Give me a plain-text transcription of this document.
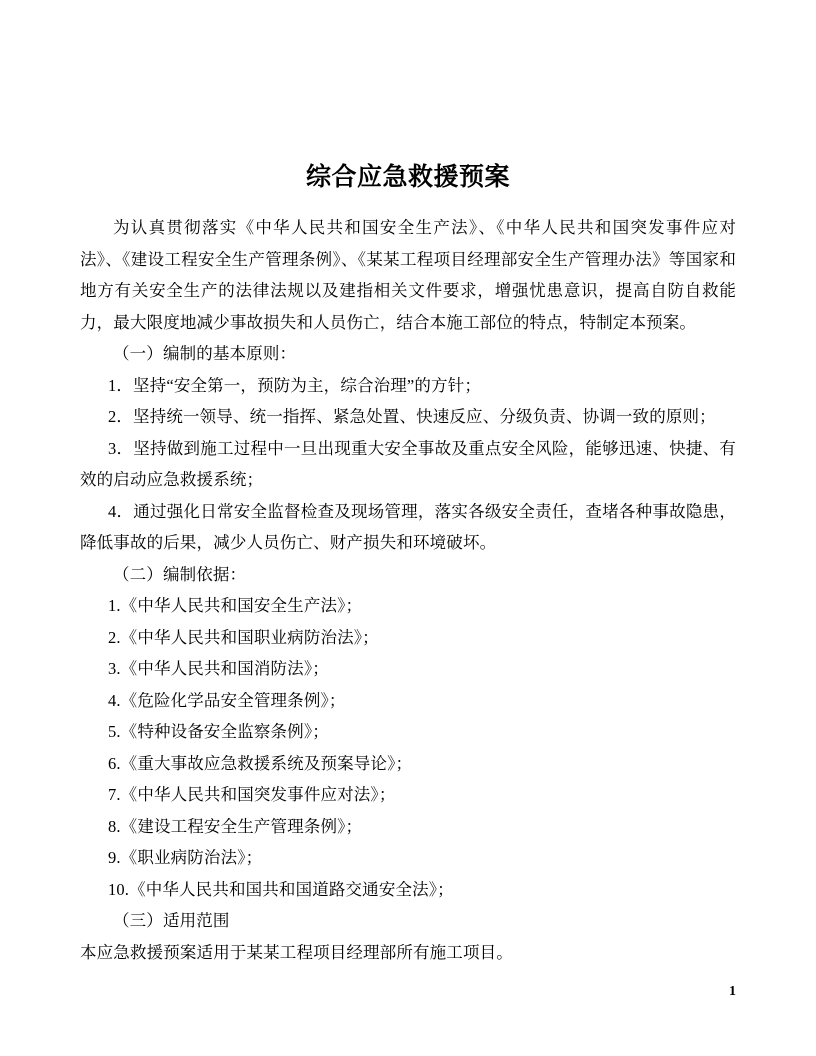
综合应急救援预案

为认真贯彻落实《中华人民共和国安全生产法》、《中华人民共和国突发事件应对法》、《建设工程安全生产管理条例》、《某某工程项目经理部安全生产管理办法》等国家和地方有关安全生产的法律法规以及建指相关文件要求，增强忧患意识，提高自防自救能力，最大限度地减少事故损失和人员伤亡，结合本施工部位的特点，特制定本预案。

（一）编制的基本原则：

1．坚持“安全第一，预防为主，综合治理”的方针；

2．坚持统一领导、统一指挥、紧急处置、快速反应、分级负责、协调一致的原则；

3．坚持做到施工过程中一旦出现重大安全事故及重点安全风险，能够迅速、快捷、有效的启动应急救援系统；

4．通过强化日常安全监督检查及现场管理，落实各级安全责任，查堵各种事故隐患，降低事故的后果，减少人员伤亡、财产损失和环境破坏。

（二）编制依据：

1.《中华人民共和国安全生产法》；

2.《中华人民共和国职业病防治法》；

3.《中华人民共和国消防法》；

4.《危险化学品安全管理条例》；

5.《特种设备安全监察条例》；

6.《重大事故应急救援系统及预案导论》；

7.《中华人民共和国突发事件应对法》；

8.《建设工程安全生产管理条例》；

9.《职业病防治法》；

10.《中华人民共和国共和国道路交通安全法》；

（三）适用范围

本应急救援预案适用于某某工程项目经理部所有施工项目。

1
